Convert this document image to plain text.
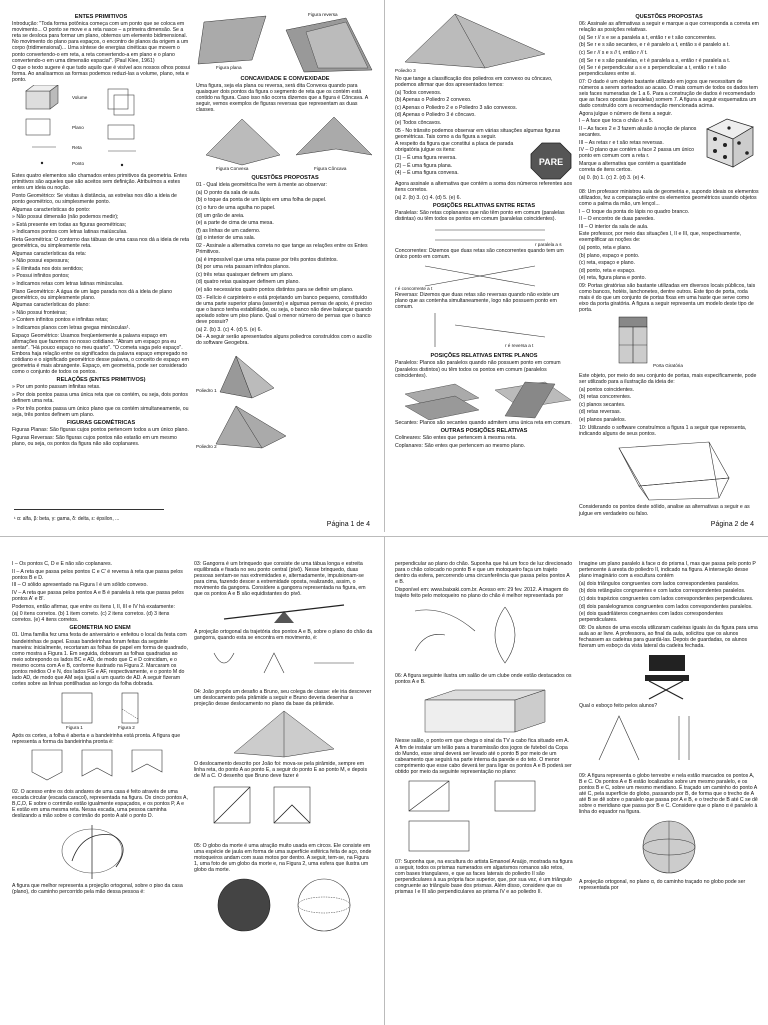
ENTES PRIMITIVOS

Introdução: "Toda forma potônica começa com um ponto que se coloca em movimento... O ponto se move e a reta nasce – a primeira dimensão. Se a reta se desloca para formar um plano, obtemos um elemento bidimensional. No movimento do plano para espaços, o encontro de planos da origem a um corpo (tridimensional)... Uma síntese de energias cinéticas que movem o ponto convertendo-o em reta, a reta convertendo-a em plano e o plano convertendo-o em uma dimensão espacial". (Paul Klee, 1961)

O que o texto sugere é que tudo aquilo que é visível aos nossos olhos possui forma. Ao analisarmos as formas podemos reduzi-las a volume, plano, reta e ponto.

Volume
Plano
Reta
Ponto

Estes quatro elementos são chamados entes primitivos da geometria. Entes primitivos são aqueles que são aceitos sem definição. Atribuímos a estes entes um ideia ou noção.

Ponto Geométrico: Se visitas à distância, as estrelas nos dão a ideia de ponto geométrico, ou simplesmente ponto.

Algumas características do ponto:

» Não possui dimensão (não podemos medir);

» Está presente em todas as figuras geométricas;

» Indicamos pontos com letras latinas maiúsculas.

Reta Geométrica: O contorno das tábuas de uma casa nos dá a ideia de reta geométrica, ou simplesmente reta.

Algumas características da reta:

» Não possui espessura;

» É ilimitada nos dois sentidos;

» Possui infinitos pontos;

» Indicamos retas com letras latinas minúsculas.

Plano Geométrico: A água de um lago parada nos dá a ideia de plano geométrico, ou simplesmente plano.

Algumas características do plano:

» Não possui fronteiras;

» Contem infinitos pontos e infinitas retas;

» Indicamos planos com letras gregas minúsculas¹.

Espaço Geométrico: Usamos freqüentemente a palavra espaço em afirmações que fazemos no nosso cotidiano. "Abram um espaço pra eu sentar". "Há pouco espaço no meu quarto". "O cometa vaga pelo espaço". Embora haja relação entre os significados da palavra espaço empregado no cotidiano e o significado geométrico desse palavra, o conceito de espaço em geometria é mais abrangente. Espaço, em geometria, pode ser considerado como o conjunto de todos os pontos.

RELAÇÕES (ENTES PRIMITIVOS)

» Por um ponto passam infinitas retas.

» Por dois pontos passa uma única reta que os contém, ou seja, dois pontos definem uma reta.

» Por três pontos passa um único plano que os contém simultaneamente, ou seja, três pontos definem um plano.

FIGURAS GEOMÉTRICAS

Figuras Planas: São figuras cujos pontos pertencem todos a um único plano.

Figuras Reversas: São figuras cujos pontos não estarão em um mesmo plano, ou seja, os pontos da figura não são coplanares.

Figura plana
Figura reversa
CONCAVIDADE E CONVEXIDADE

Uma figura, seja ela plana ou reversa, será dita Convexa quando para quaisquer dois pontos da figura o segmento de reta que os contém está contido na figura. Caso isso não ocorra dizemos que a figura é Côncava. A seguir, vemos exemplos de figuras reversas que representam as duas classes.

Figura Convexa	Figura Côncava
QUESTÕES PROPOSTAS

01 - Qual ideia geométrica lhe vem à mente ao observar:

(a) O ponto da sala de aula.

(b) o toque da ponta de um lápis em uma folha de papel.

(c) o furo de uma agulha no papel.

(d) um grão de areia.

(e) a parte de cima de uma mesa.

(f) as linhas de um caderno.

(g) o interior de uma sala.

02 - Assinale a alternativa correta no que tange as relações entre os Entes Primitivos.

(a) é impossível que uma reta passe por três pontos distintos.

(b) por uma reta passam infinitos planos.

(c) três retas quaisquer definem um plano.

(d) quatro retas quaisquer definem um plano.

(e) são necessários quatro pontos distintos para se definir um plano.

03 - Felício é carpinteiro e está projetando um banco pequeno, constituído de uma parte superior plana (assento) e algumas pernas de apoio, é preciso que o banco tenha estabilidade, ou seja, o banco não deve balançar quando apoiado sobre um piso plano. Qual o menor número de pernas que o banco deve possuir?

(a) 2. (b) 3. (c) 4. (d) 5. (e) 6.

04 - A seguir serão apresentados alguns poliedros construídos com o auxílio do software Geogebra.

Poliedro 1
Poliedro 2
¹ α: alfa, β: beta, γ: gama, δ: delta, ε: épsilon, ...
Página 1 de 4
Poliedro 3

No que tange a classificação dos poliedros em convexo ou côncavo, podemos afirmar que dos apresentados temos:

(a) Todos convexos.

(b) Apenas o Poliedro 2 convexo.

(c) Apenas o Poliedro 2 e o Poliedro 3 são convexos.

(d) Apenas o Poliedro 3 é côncavo.

(e) Todos côncavos.

05 - No trânsito podemos observar em várias situações algumas figuras geométricas. Tais como a da figura a seguir.

A respeito da figura que constitui a placa de parada obrigatória julgue os itens:

(1) – É uma figura reversa.

(2) – É uma figura plana.

(4) – É uma figura convexa.

PARE

Agora assinale a alternativa que contém a soma dos números referentes aos itens corretos.

(a) 2. (b) 3. (c) 4. (d) 5. (e) 6.

POSIÇÕES RELATIVAS ENTRE RETAS

Paralelas: São retas coplanares que não têm ponto em comum (paralelas distintas) ou têm todos os pontos em comum (paralelas coincidentes).

r paralela a s

Concorrentes: Dizemos que duas retas são concorrentes quando tem um único ponto em comum.

r é concorrente a t

Reversas: Dizemos que duas retas são reversas quando não existe um plano que as contenha simultaneamente, logo não possuem ponto em comum.

r é reversa a t
POSIÇÕES RELATIVAS ENTRE PLANOS

Paralelos: Planos são paralelos quando não possuem ponto em comum (paralelos distintos) ou têm todos os pontos em comum (paralelos coincidentes).

Secantes: Planos são secantes quando admitem uma única reta em comum.

OUTRAS POSIÇÕES RELATIVAS

Colineares: São entes que pertencem à mesma reta.

Coplanares: São entes que pertencem ao mesmo plano.

QUESTÕES PROPOSTAS

06: Assinale as afirmativas a seguir e marque a que corresponda a correta em relação as posições relativas.

(a) Se r // s e se a paralela a t, então r e t são concorrentes.

(b) Se r e s são secantes, e r é paralelo a t, então s é paralelo a t.

(c) Se r // s e s // t, então r // t.

(d) Se r e s são paralelas, e t é paralela a s, então r é paralela a t.

(e) Se r é perpendicular a s e s perpendicular a t, então r e t são perpendiculares entre si.

07: O dado é um objeto bastante utilizado em jogos que necessitam de números a serem sorteados ao acaso. O mais comum de todos os dados tem seis faces numeradas de 1 a 6. Para a construção de dados é recomendado que as faces opostas (paralelas) somem 7. A figura a seguir esquematiza um dado construído com a recomendação mencionada acima.

Agora julgue o número de itens a seguir.

I – A face que toca o chão é a 5.

II – As faces 2 e 3 fazem alusão à noção de planos secantes.

III – As retas r e t são retas reversas.

IV – O plano que contém a face 2 passa um único ponto em comum com a reta r.

Marque a alternativa que contém a quantidade correta de itens certos.

(a) 0. (b) 1. (c) 2. (d) 3. (e) 4.

08: Um professor ministrou aula de geometria e, supondo ideais os elementos utilizados, fez a comparação entre os elementos geométricos usando objetos como a palma da mão, um lençol...

I – O toque da ponta do lápis no quadro branco.

II – O encontro de duas paredes.

III – O interior da sala de aula.

Este professor, por meio das situações I, II e III, que, respectivamente, exemplificar as noções de:

(a) ponto, reta e plano.

(b) plano, espaço e ponto.

(c) reta, espaço e plano.

(d) ponto, reta e espaço.

(e) reta, figura plana e ponto.

09: Portas giratórias são bastante utilizadas em diversos locais públicos, tais como bancos, hotéis, lanchonetes, dentre outros. Este tipo de porta, roda mais é do que um conjunto de portas fixas em uma haste que serve como eixo da porta giratória. A figura a seguir representa um modelo deste tipo de porta.

Porta Giratória

Este objeto, por meio do seu conjunto de portas, mais especificamente, pode ser utilizado para a ilustração da ideia de:

(a) pontos coincidentes.

(b) retas concorrentes.

(c) planos secantes.

(d) retas reversas.

(e) planos paralelos.

10: Utilizando o software construímos a figura 1 a seguir que representa, indicando alguns de seus pontos.

Considerando os pontos deste sólido, analise as alternativas a seguir e as julgue em verdadeiro ou falso.

Página 2 de 4

I – Os pontos C, D e E não são coplanares.

II – A reta que passa pelos pontos C e C' é reversa à reta que passa pelos pontos B e D.

III – O sólido apresentado na Figura I é um sólido convexo.

IV – A reta que passa pelos pontos A e B é paralela à reta que passa pelos pontos A' e B'.

Podemos, então afirmar, que entre os itens I, II, III e IV há exatamente:

(a) 0 itens corretos. (b) 1 item correto. (c) 2 itens corretos. (d) 3 itens corretos. (e) 4 itens corretos.

GEOMETRIA NO ENEM

01. Uma família fez uma festa de aniversário e enfeitou o local da festa com bandeirinhas de papel. Essas bandeirinhas foram feitas da seguinte maneira: inicialmente, recortaram as folhas de papel em forma de quadrado, como mostra a Figura 1. Em seguida, dobraram as folhas quadradas ao meio sobrepondo os lados BC e AD, de modo que C e D coincidam, e o mesmo ocorra com A e B, conforme ilustrado na Figura 2. Marcaram os pontos médios O e N, dos lados FG e AF, respectivamente, e o ponto M do lado AD, de modo que AM seja igual a um quarto de AD. A seguir fizeram cortes sobre as linhas pontilhadas ao longo da folha dobrada.

Figura 1	Figura 2

Após os cortes, a folha é aberta e a bandeirinha está pronta. A figura que representa a forma da bandeirinha pronta é:

02. O acesso entre os dois andares de uma casa é feito através de uma escada circular (escada caracol), representada na figura. Os cinco pontos A, B,C,D, E sobre o corrimão estão igualmente espaçados, e os pontos P, A e E estão em uma mesma reta. Nessa escada, uma pessoa caminha deslizando a mão sobre o corrimão do ponto A até o ponto D.

A figura que melhor representa a projeção ortogonal, sobre o piso da casa (plano), do caminho percorrido pela mão dessa pessoa é:

03: Gangorra é um brinquedo que consiste de uma tábua longa e estreita equilibrada e fixada no seu ponto central (pivô). Nesse brinquedo, duas pessoas sentam-se nas extremidades e, alternadamente, impulsionam-se para cima, fazendo descer a extremidade oposta, realizando, assim, o movimento da gangorra. Considere a gangorra representada na figura, em que os pontos A e B são equidistantes do pivô.

A projeção ortogonal da trajetória dos pontos A e B, sobre o plano do chão da gangorra, quando esta se encontra em movimento, é:

04: João propôs um desafio a Bruno, seu colega de classe: ele iria descrever um deslocamento pela pirâmide a seguir e Bruno deveria desenhar a projeção desse deslocamento no plano da base da pirâmide.

O deslocamento descrito por João foi: mova-se pela pirâmide, sempre em linha reta, do ponto A ao ponto E, a seguir do ponto E ao ponto M, e depois de M a C. O desenho que Bruno deve fazer é

05: O globo da morte é uma atração muito usada em circos. Ele consiste em uma espécie de jaula em forma de uma superfície esférica feita de aço, onde motoqueiros andam com suas motos por dentro. A seguir, tem-se, na Figura 1, uma foto de um globo da morte e, na Figura 2, uma esfera que ilustra um globo da morte.

perpendicular ao plano do chão. Suponha que há um foco de luz direcionado para o chão colocado no ponto B e que um motoqueiro faça um trajeto dentro da esfera, percorrendo uma circunferência que passa pelos pontos A e B.

Disponível em: www.baixaki.com.br. Acesso em: 29 fev. 2012. A imagem do trajeto feito pelo motoqueiro no plano do chão é melhor representada por

06: A figura seguinte ilustra um salão de um clube onde estão destacados os pontos A e B.

Nesse salão, o ponto em que chega o sinal da TV a cabo fica situado em A. A fim de instalar um telão para a transmissão dos jogos de futebol da Copa do Mundo, esse sinal deverá ser levado até o ponto B por meio de um cabeamento que seguirá na parte interna da parede e do teto. O menor comprimento que esse cabo deverá ter para ligar os pontos A e B poderá ser obtido por meio da seguinte representação no plano:

07: Suponha que, na escultura do artista Emanoel Araújo, mostrada na figura a seguir, todos os prismas numerados em algarismos romanos são retos, com bases triangulares, e que as faces laterais do poliedro II são perpendiculares à sua própria face superior, que, por sua vez, é um triângulo congruente ao triângulo base dos prismas. Além disso, considere que os prismas I e III são perpendiculares ao prisma IV e ao poliedro II.

Imagine um plano paralelo à face α do prisma I, mas que passa pelo ponto P pertencente à aresta do poliedro II, indicado na figura. A interseção desse plano imaginário com a escultura contém

(a) dois triângulos congruentes com lados correspondentes paralelos.

(b) dois retângulos congruentes e com lados correspondentes paralelos.

(c) dois trapézios congruentes com lados correspondentes perpendiculares.

(d) dois paralelogramos congruentes com lados correspondentes paralelos.

(e) dois quadriláteros congruentes com lados correspondentes perpendiculares.

08: Os alunos de uma escola utilizaram cadeiras iguais às da figura para uma aula ao ar livre. A professora, ao final da aula, solicitou que os alunos fechassem as cadeiras para guardá-las. Depois de guardadas, os alunos fizeram um esboço da vista lateral da cadeira fechada.

Qual o esboço feito pelos alunos?

09: A figura representa o globo terrestre e nela estão marcados os pontos A, B e C. Os pontos A e B estão localizados sobre um mesmo paralelo, e os pontos B e C, sobre um mesmo meridiano. É traçado um caminho do ponto A até C, pela superfície do globo, passando por B, de forma que o trecho de A até B se dê sobre o paralelo que passa por A e B, e o trecho de B até C se dê sobre o meridiano que passa por B e C. Considere que o plano α é paralelo à linha do equador na figura.

A projeção ortogonal, no plano α, do caminho traçado no globo pode ser representada por
